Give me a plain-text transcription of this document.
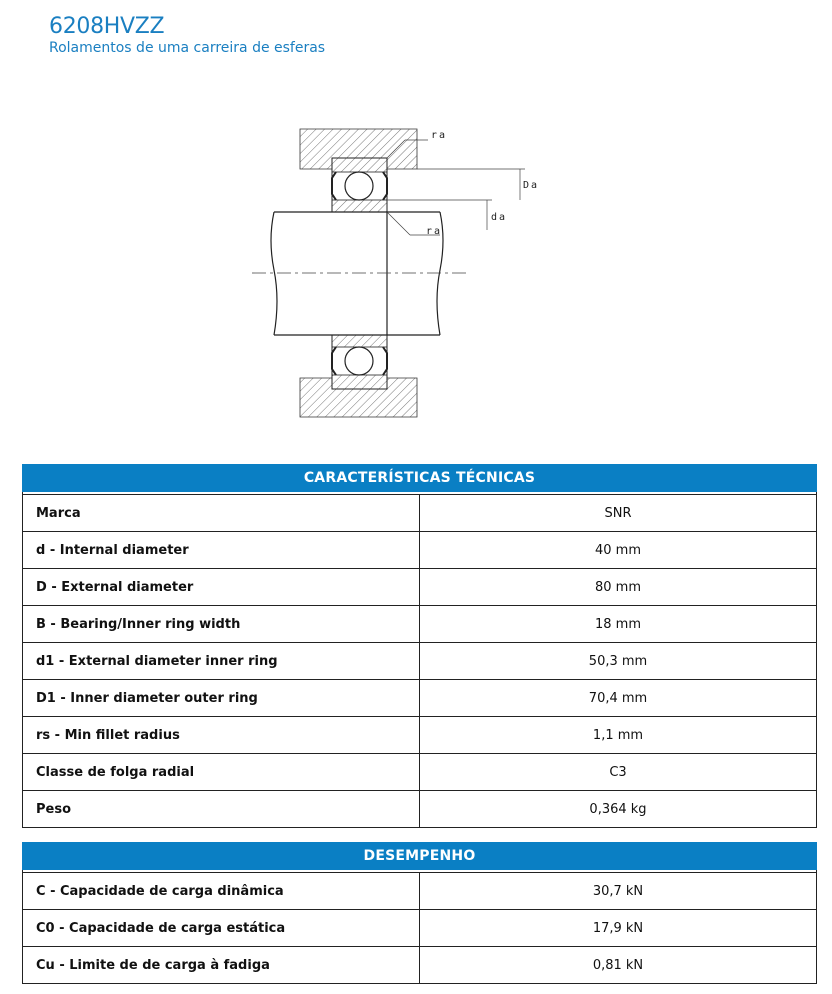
6208HVZZ
Rolamentos de uma carreira de esferas
ra
Da
da
ra
CARACTERÍSTICAS TÉCNICAS	

Marca	SNR
d - Internal diameter	40 mm
D - External diameter	80 mm
B - Bearing/Inner ring width	18 mm
d1 - External diameter inner ring	50,3 mm
D1 - Inner diameter outer ring	70,4 mm
rs - Min fillet radius	1,1 mm
Classe de folga radial	C3
Peso	0,364 kg
DESEMPENHO	

C - Capacidade de carga dinâmica	30,7 kN
C0 - Capacidade de carga estática	17,9 kN
Cu - Limite de de carga à fadiga	0,81 kN
